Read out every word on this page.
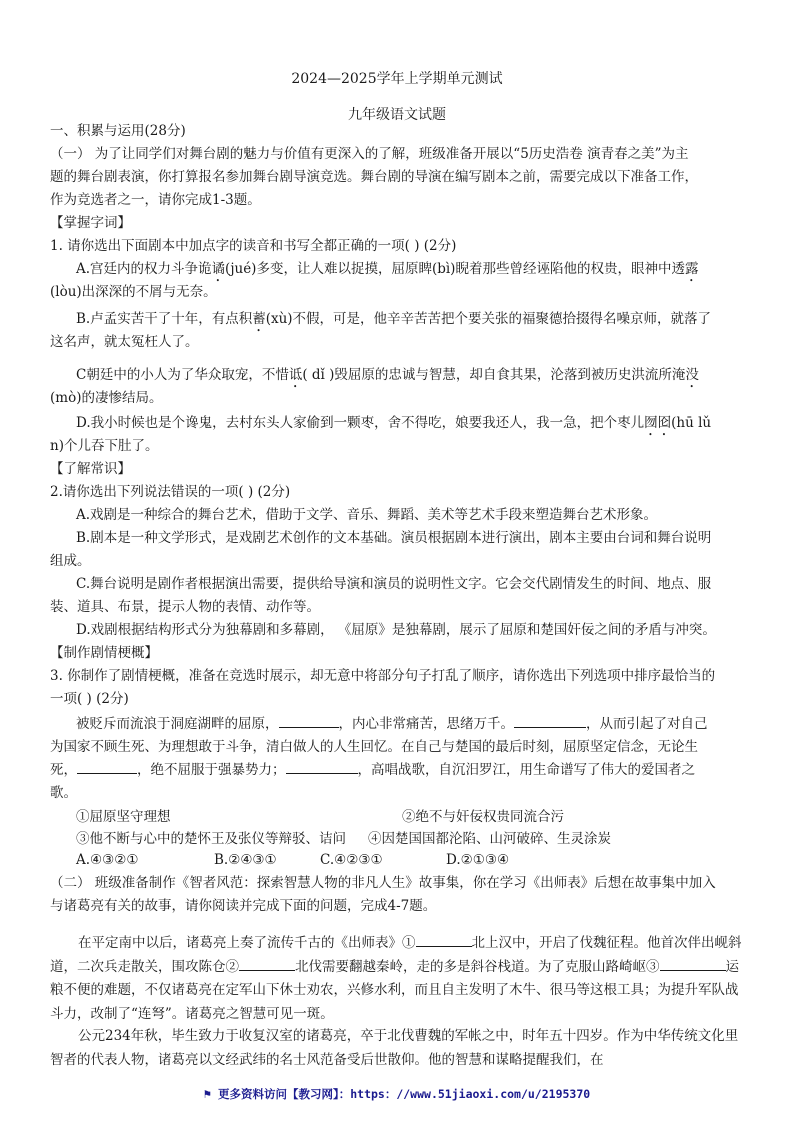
2024—2025学年上学期单元测试
九年级语文试题
一、积累与运用(28分)
（一） 为了让同学们对舞台剧的魅力与价值有更深入的了解，班级准备开展以“5历史浩卷 演青春之美”为主
题的舞台剧表演，你打算报名参加舞台剧导演竞选。舞台剧的导演在编写剧本之前，需要完成以下准备工作，
作为竞选者之一，请你完成1-3题。
【掌握字词】
1. 请你选出下面剧本中加点字的读音和书写全都正确的一项( ) (2分)
A.宫廷内的权力斗争诡谲(jué)多变，让人难以捉摸，屈原睥(bì)睨着那些曾经诬陷他的权贵，眼神中透露
(lòu)出深深的不屑与无奈。
B.卢孟实苦干了十年，有点积蓄(xù)不假，可是，他辛辛苦苦把个要关张的福聚德拾掇得名噪京师，就落了
这名声，就太冤枉人了。
C朝廷中的小人为了华众取宠，不惜诋( dǐ )毁屈原的忠诚与智慧，却自食其果，沦落到被历史洪流所淹没
(mò)的凄惨结局。
D.我小时候也是个谗鬼，去村东头人家偷到一颗枣，舍不得吃，娘要我还人，我一急，把个枣儿囫囵(hū lǔ
n)个儿吞下肚了。
【了解常识】
2.请你选出下列说法错误的一项( ) (2分)
A.戏剧是一种综合的舞台艺术，借助于文学、音乐、舞蹈、美术等艺术手段来塑造舞台艺术形象。
B.剧本是一种文学形式，是戏剧艺术创作的文本基础。演员根据剧本进行演出，剧本主要由台词和舞台说明
组成。
C.舞台说明是剧作者根据演出需要，提供给导演和演员的说明性文字。它会交代剧情发生的时间、地点、服
装、道具、布景，提示人物的表情、动作等。
D.戏剧根据结构形式分为独幕剧和多幕剧， 《屈原》是独幕剧，展示了屈原和楚国奸佞之间的矛盾与冲突。
【制作剧情梗概】
3. 你制作了剧情梗概，准备在竞选时展示，却无意中将部分句子打乱了顺序，请你选出下列选项中排序最恰当的
一项( ) (2分)
被贬斥而流浪于洞庭湖畔的屈原，	，内心非常痛苦，思绪万千。	，从而引起了对自己
为国家不顾生死、为理想敢于斗争，清白做人的人生回忆。在自己与楚国的最后时刻，屈原坚定信念，无论生
死，	，绝不屈服于强暴势力；	，高唱战歌，自沉汨罗江，用生命谱写了伟大的爱国者之
歌。
①屈原坚守理想	②绝不与奸佞权贵同流合污
③他不断与心中的楚怀王及张仪等辩驳、诘问 ④因楚国国都沦陷、山河破碎、生灵涂炭
A.④③②①	B.②④③①	C.④②③①	D.②①③④
（二） 班级准备制作《智者风范：探索智慧人物的非凡人生》故事集，你在学习《出师表》后想在故事集中加入
与诸葛亮有关的故事，请你阅读并完成下面的问题，完成4-7题。
在平定南中以后，诸葛亮上奏了流传千古的《出师表》①	北上汉中，开启了伐魏征程。他首次伴出岘斜道，二次兵走散关，围攻陈仓②	北伐需要翻越秦岭，走的多是斜谷栈道。为了克服山路崎岖③	运粮不便的难题，不仅诸葛亮在定军山下休士劝农，兴修水利，而且自主发明了木牛、很马等这根工具；为提升军队战斗力，改制了“连弩”。诸葛亮之智慧可见一斑。
公元234年秋，毕生致力于收复汉室的诸葛亮，卒于北伐曹魏的军帐之中，时年五十四岁。作为中华传统文化里智者的代表人物，诸葛亮以文经武纬的名士风范备受后世散仰。他的智慧和谋略提醒我们，在
⚑ 更多资料访问【教习网】：https：//www.51jiaoxi.com/u/2195370
